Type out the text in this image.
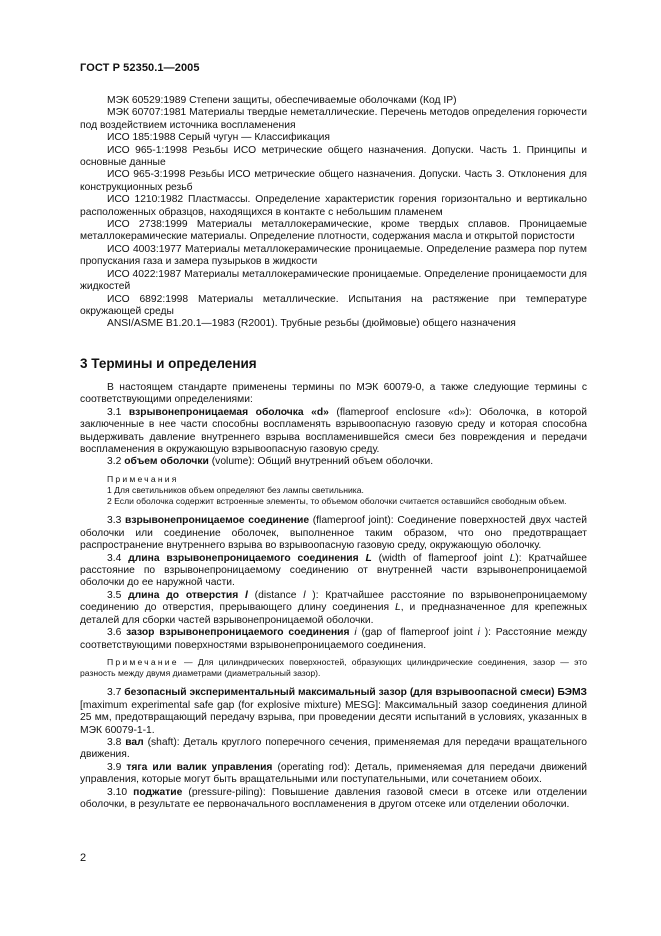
ГОСТ Р 52350.1—2005

МЭК 60529:1989 Степени защиты, обеспечиваемые оболочками (Код IP)

МЭК 60707:1981 Материалы твердые неметаллические. Перечень методов определения горючести под воздействием источника воспламенения

ИСО 185:1988 Серый чугун — Классификация

ИСО 965-1:1998 Резьбы ИСО метрические общего назначения. Допуски. Часть 1. Принципы и основные данные

ИСО 965-3:1998 Резьбы ИСО метрические общего назначения. Допуски. Часть 3. Отклонения для конструкционных резьб

ИСО 1210:1982 Пластмассы. Определение характеристик горения горизонтально и вертикально расположенных образцов, находящихся в контакте с небольшим пламенем

ИСО 2738:1999 Материалы металлокерамические, кроме твердых сплавов. Проницаемые металлокерамические материалы. Определение плотности, содержания масла и открытой пористости

ИСО 4003:1977 Материалы металлокерамические проницаемые. Определение размера пор путем пропускания газа и замера пузырьков в жидкости

ИСО 4022:1987 Материалы металлокерамические проницаемые. Определение проницаемости для жидкостей

ИСО 6892:1998 Материалы металлические. Испытания на растяжение при температуре окружающей среды

ANSI/ASME B1.20.1—1983 (R2001). Трубные резьбы (дюймовые) общего назначения

3 Термины и определения

В настоящем стандарте применены термины по МЭК 60079-0, а также следующие термины с соответствующими определениями:

3.1 взрывонепроницаемая оболочка «d» (flameproof enclosure «d»): Оболочка, в которой заключенные в нее части способны воспламенять взрывоопасную газовую среду и которая способна выдерживать давление внутреннего взрыва воспламенившейся смеси без повреждения и передачи воспламенения в окружающую взрывоопасную газовую среду.

3.2 объем оболочки (volume): Общий внутренний объем оболочки.

Примечания

1 Для светильников объем определяют без лампы светильника.

2 Если оболочка содержит встроенные элементы, то объемом оболочки считается оставшийся свободным объем.

3.3 взрывонепроницаемое соединение (flameproof joint): Соединение поверхностей двух частей оболочки или соединение оболочек, выполненное таким образом, что оно предотвращает распространение внутреннего взрыва во взрывоопасную газовую среду, окружающую оболочку.

3.4 длина взрывонепроницаемого соединения L (width of flameproof joint L): Кратчайшее расстояние по взрывонепроницаемому соединению от внутренней части взрывонепроницаемой оболочки до ее наружной части.

3.5 длина до отверстия l (distance l ): Кратчайшее расстояние по взрывонепроницаемому соединению до отверстия, прерывающего длину соединения L, и предназначенное для крепежных деталей для сборки частей взрывонепроницаемой оболочки.

3.6 зазор взрывонепроницаемого соединения i (gap of flameproof joint i ): Расстояние между соответствующими поверхностями взрывонепроницаемого соединения.

Примечание — Для цилиндрических поверхностей, образующих цилиндрические соединения, зазор — это разность между двумя диаметрами (диаметральный зазор).

3.7 безопасный экспериментальный максимальный зазор (для взрывоопасной смеси) БЭМЗ [maximum experimental safe gap (for explosive mixture) MESG]: Максимальный зазор соединения длиной 25 мм, предотвращающий передачу взрыва, при проведении десяти испытаний в условиях, указанных в МЭК 60079-1-1.

3.8 вал (shaft): Деталь круглого поперечного сечения, применяемая для передачи вращательного движения.

3.9 тяга или валик управления (operating rod): Деталь, применяемая для передачи движений управления, которые могут быть вращательными или поступательными, или сочетанием обоих.

3.10 поджатие (pressure-piling): Повышение давления газовой смеси в отсеке или отделении оболочки, в результате ее первоначального воспламенения в другом отсеке или отделении оболочки.

2
